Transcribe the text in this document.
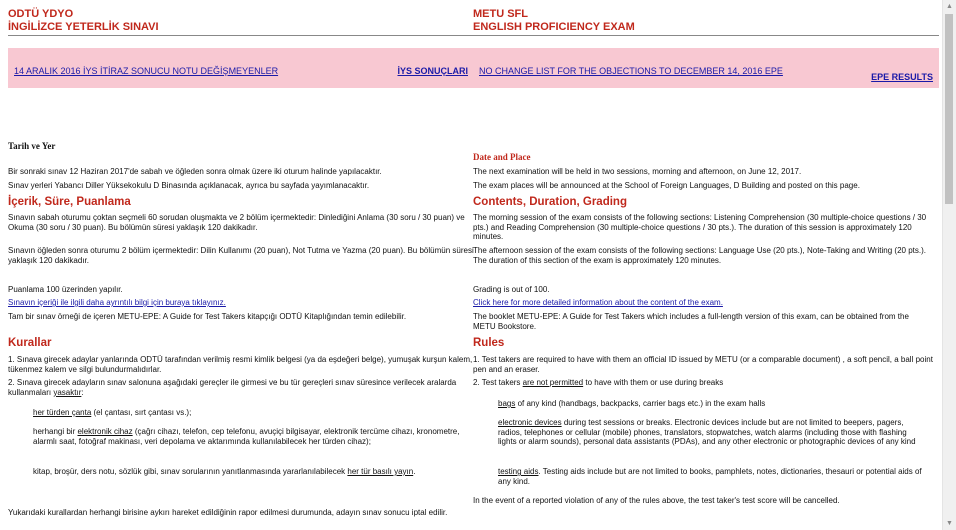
ODTÜ YDYO
İNGİLİZCE YETERLİK SINAVI
14 ARALIK 2016 İYS İTİRAZ SONUCU NOTU DEĞİŞMEYENLER	İYS SONUÇLARI

Tarih ve Yer

Bir sonraki sınav 12 Haziran 2017'de sabah ve öğleden sonra olmak üzere iki oturum halinde yapılacaktır.

Sınav yerleri Yabancı Diller Yüksekokulu D Binasında açıklanacak, ayrıca bu sayfada yayımlanacaktır.

İçerik, Süre, Puanlama

Sınavın sabah oturumu çoktan seçmeli 60 sorudan oluşmakta ve 2 bölüm içermektedir: Dinlediğini Anlama (30 soru / 30 puan) ve Okuma (30 soru / 30 puan). Bu bölümün süresi yaklaşık 120 dakikadır.

Sınavın öğleden sonra oturumu 2 bölüm içermektedir: Dilin Kullanımı (20 puan), Not Tutma ve Yazma (20 puan). Bu bölümün süresi yaklaşık 120 dakikadır.

Puanlama 100 üzerinden yapılır.

Sınavın içeriği ile ilgili daha ayrıntılı bilgi için buraya tıklayınız.

Tam bir sınav örneği de içeren METU-EPE: A Guide for Test Takers kitapçığı ODTÜ Kitaplığından temin edilebilir.

Kurallar

1. Sınava girecek adaylar yanlarında ODTÜ tarafından verilmiş resmi kimlik belgesi (ya da eşdeğeri belge), yumuşak kurşun kalem, tükenmez kalem ve silgi bulundurmalıdırlar.

2. Sınava girecek adayların sınav salonuna aşağıdaki gereçler ile girmesi ve bu tür gereçleri sınav süresince verilecek aralarda kullanmaları yasaktır:

her türden çanta (el çantası, sırt çantası vs.);

herhangi bir elektronik cihaz (çağrı cihazı, telefon, cep telefonu, avuçiçi bilgisayar, elektronik tercüme cihazı, kronometre, alarmlı saat, fotoğraf makinası, veri depolama ve aktarımında kullanılabilecek her türden cihaz);

kitap, broşür, ders notu, sözlük gibi, sınav sorularının yanıtlanmasında yararlanılabilecek her tür basılı yayın.

Yukarıdaki kurallardan herhangi birisine aykırı hareket edildiğinin rapor edilmesi durumunda, adayın sınav sonucu iptal edilir.

METU SFL
ENGLISH PROFICIENCY EXAM
NO CHANGE LIST FOR THE OBJECTIONS TO DECEMBER 14, 2016 EPE
EPE RESULTS

Date and Place

The next examination will be held in two sessions, morning and afternoon, on June 12, 2017.

The exam places will be announced at the School of Foreign Languages, D Building and posted on this page.

Contents, Duration, Grading

The morning session of the exam consists of the following sections: Listening Comprehension (30 multiple-choice questions / 30 pts.) and Reading Comprehension (30 multiple-choice questions / 30 pts.). The duration of this session is approximately 120 minutes.

The afternoon session of the exam consists of the following sections: Language Use (20 pts.), Note-Taking and Writing (20 pts.). The duration of this section of the exam is approximately 120 minutes.

Grading is out of 100.

Click here for more detailed information about the content of the exam.

The booklet METU-EPE: A Guide for Test Takers which includes a full-length version of this exam, can be obtained from the METU Bookstore.

Rules

1. Test takers are required to have with them an official ID issued by METU (or a comparable document) , a soft pencil, a ball point pen and an eraser.

2. Test takers are not permitted to have with them or use during breaks

bags of any kind (handbags, backpacks, carrier bags etc.) in the exam halls

electronic devices during test sessions or breaks. Electronic devices include but are not limited to beepers, pagers, radios, telephones or cellular (mobile) phones, translators, stopwatches, watch alarms (including those with flashing lights or alarm sounds), personal data assistants (PDAs), and any other electronic or photographic devices of any kind

testing aids. Testing aids include but are not limited to books, pamphlets, notes, dictionaries, thesauri or potential aids of any kind.

In the event of a reported violation of any of the rules above, the test taker's test score will be cancelled.

▲
▼
